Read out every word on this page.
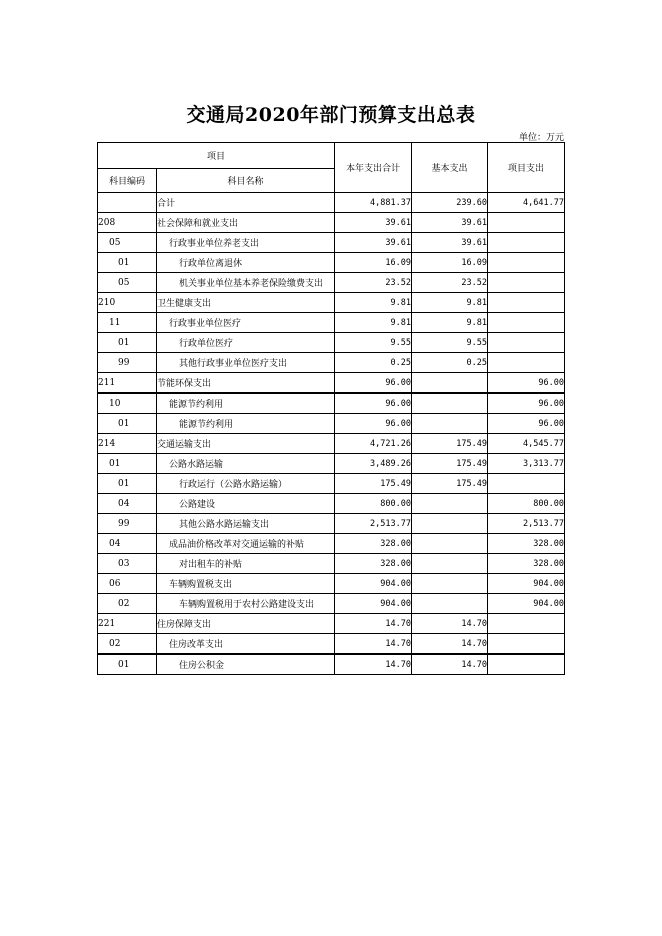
交通局2020年部门预算支出总表
单位：万元
项目		本年支出合计	基本支出	项目支出
科目编码	科目名称			
	合计	4,881.37	239.60	4,641.77
208	社会保障和就业支出	39.61	39.61	
05	行政事业单位养老支出	39.61	39.61	
01	行政单位离退休	16.09	16.09	
05	机关事业单位基本养老保险缴费支出	23.52	23.52	
210	卫生健康支出	9.81	9.81	
11	行政事业单位医疗	9.81	9.81	
01	行政单位医疗	9.55	9.55	
99	其他行政事业单位医疗支出	0.25	0.25	
211	节能环保支出	96.00		96.00
10	能源节约利用	96.00		96.00
01	能源节约利用	96.00		96.00
214	交通运输支出	4,721.26	175.49	4,545.77
01	公路水路运输	3,489.26	175.49	3,313.77
01	行政运行（公路水路运输）	175.49	175.49	
04	公路建设	800.00		800.00
99	其他公路水路运输支出	2,513.77		2,513.77
04	成品油价格改革对交通运输的补贴	328.00		328.00
03	对出租车的补贴	328.00		328.00
06	车辆购置税支出	904.00		904.00
02	车辆购置税用于农村公路建设支出	904.00		904.00
221	住房保障支出	14.70	14.70	
02	住房改革支出	14.70	14.70	
01	住房公积金	14.70	14.70	
